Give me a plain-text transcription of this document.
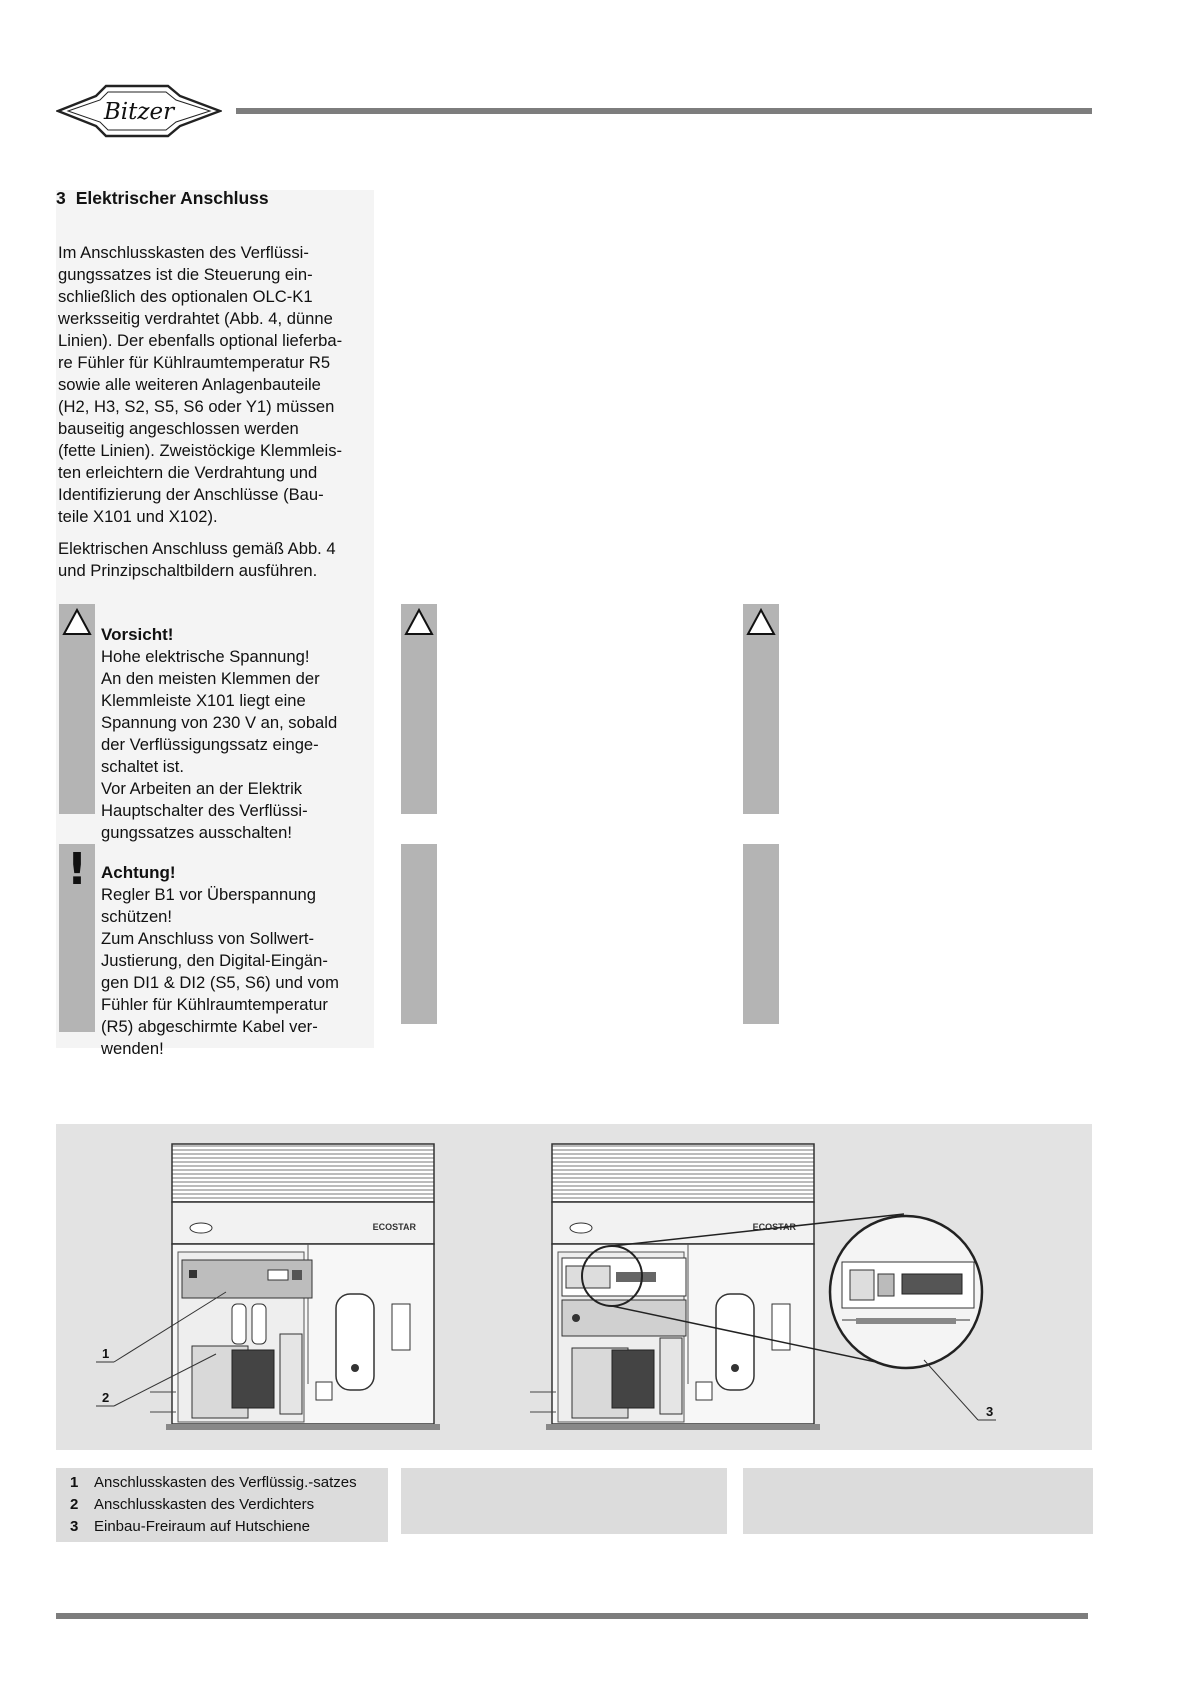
Bitzer
3 Elektrischer Anschluss
Im Anschlusskasten des Verflüssi-
gungssatzes ist die Steuerung ein-
schließlich des optionalen OLC-K1
werksseitig verdrahtet (Abb. 4, dünne
Linien). Der ebenfalls optional lieferba-
re Fühler für Kühlraumtemperatur R5
sowie alle weiteren Anlagenbauteile
(H2, H3, S2, S5, S6 oder Y1) müssen
bauseitig angeschlossen werden
(fette Linien). Zweistöckige Klemmleis-
ten erleichtern die Verdrahtung und
Identifizierung der Anschlüsse (Bau-
teile X101 und X102).
Elektrischen Anschluss gemäß Abb. 4
und Prinzipschaltbildern ausführen.

Vorsicht!
Hohe elektrische Spannung!
An den meisten Klemmen der
Klemmleiste X101 liegt eine
Spannung von 230 V an, sobald
der Verflüssigungssatz einge-
schaltet ist.
Vor Arbeiten an der Elektrik
Hauptschalter des Verflüssi-
gungssatzes ausschalten!

! Achtung!
Regler B1 vor Überspannung
schützen!
Zum Anschluss von Sollwert-
Justierung, den Digital-Eingän-
gen DI1 & DI2 (S5, S6) und vom
Fühler für Kühlraumtemperatur
(R5) abgeschirmte Kabel ver-
wenden!

ECOSTAR
1
2
ECOSTAR
3
1 Anschlusskasten des Verflüssig.-satzes
2 Anschlusskasten des Verdichters
3 Einbau-Freiraum auf Hutschiene
